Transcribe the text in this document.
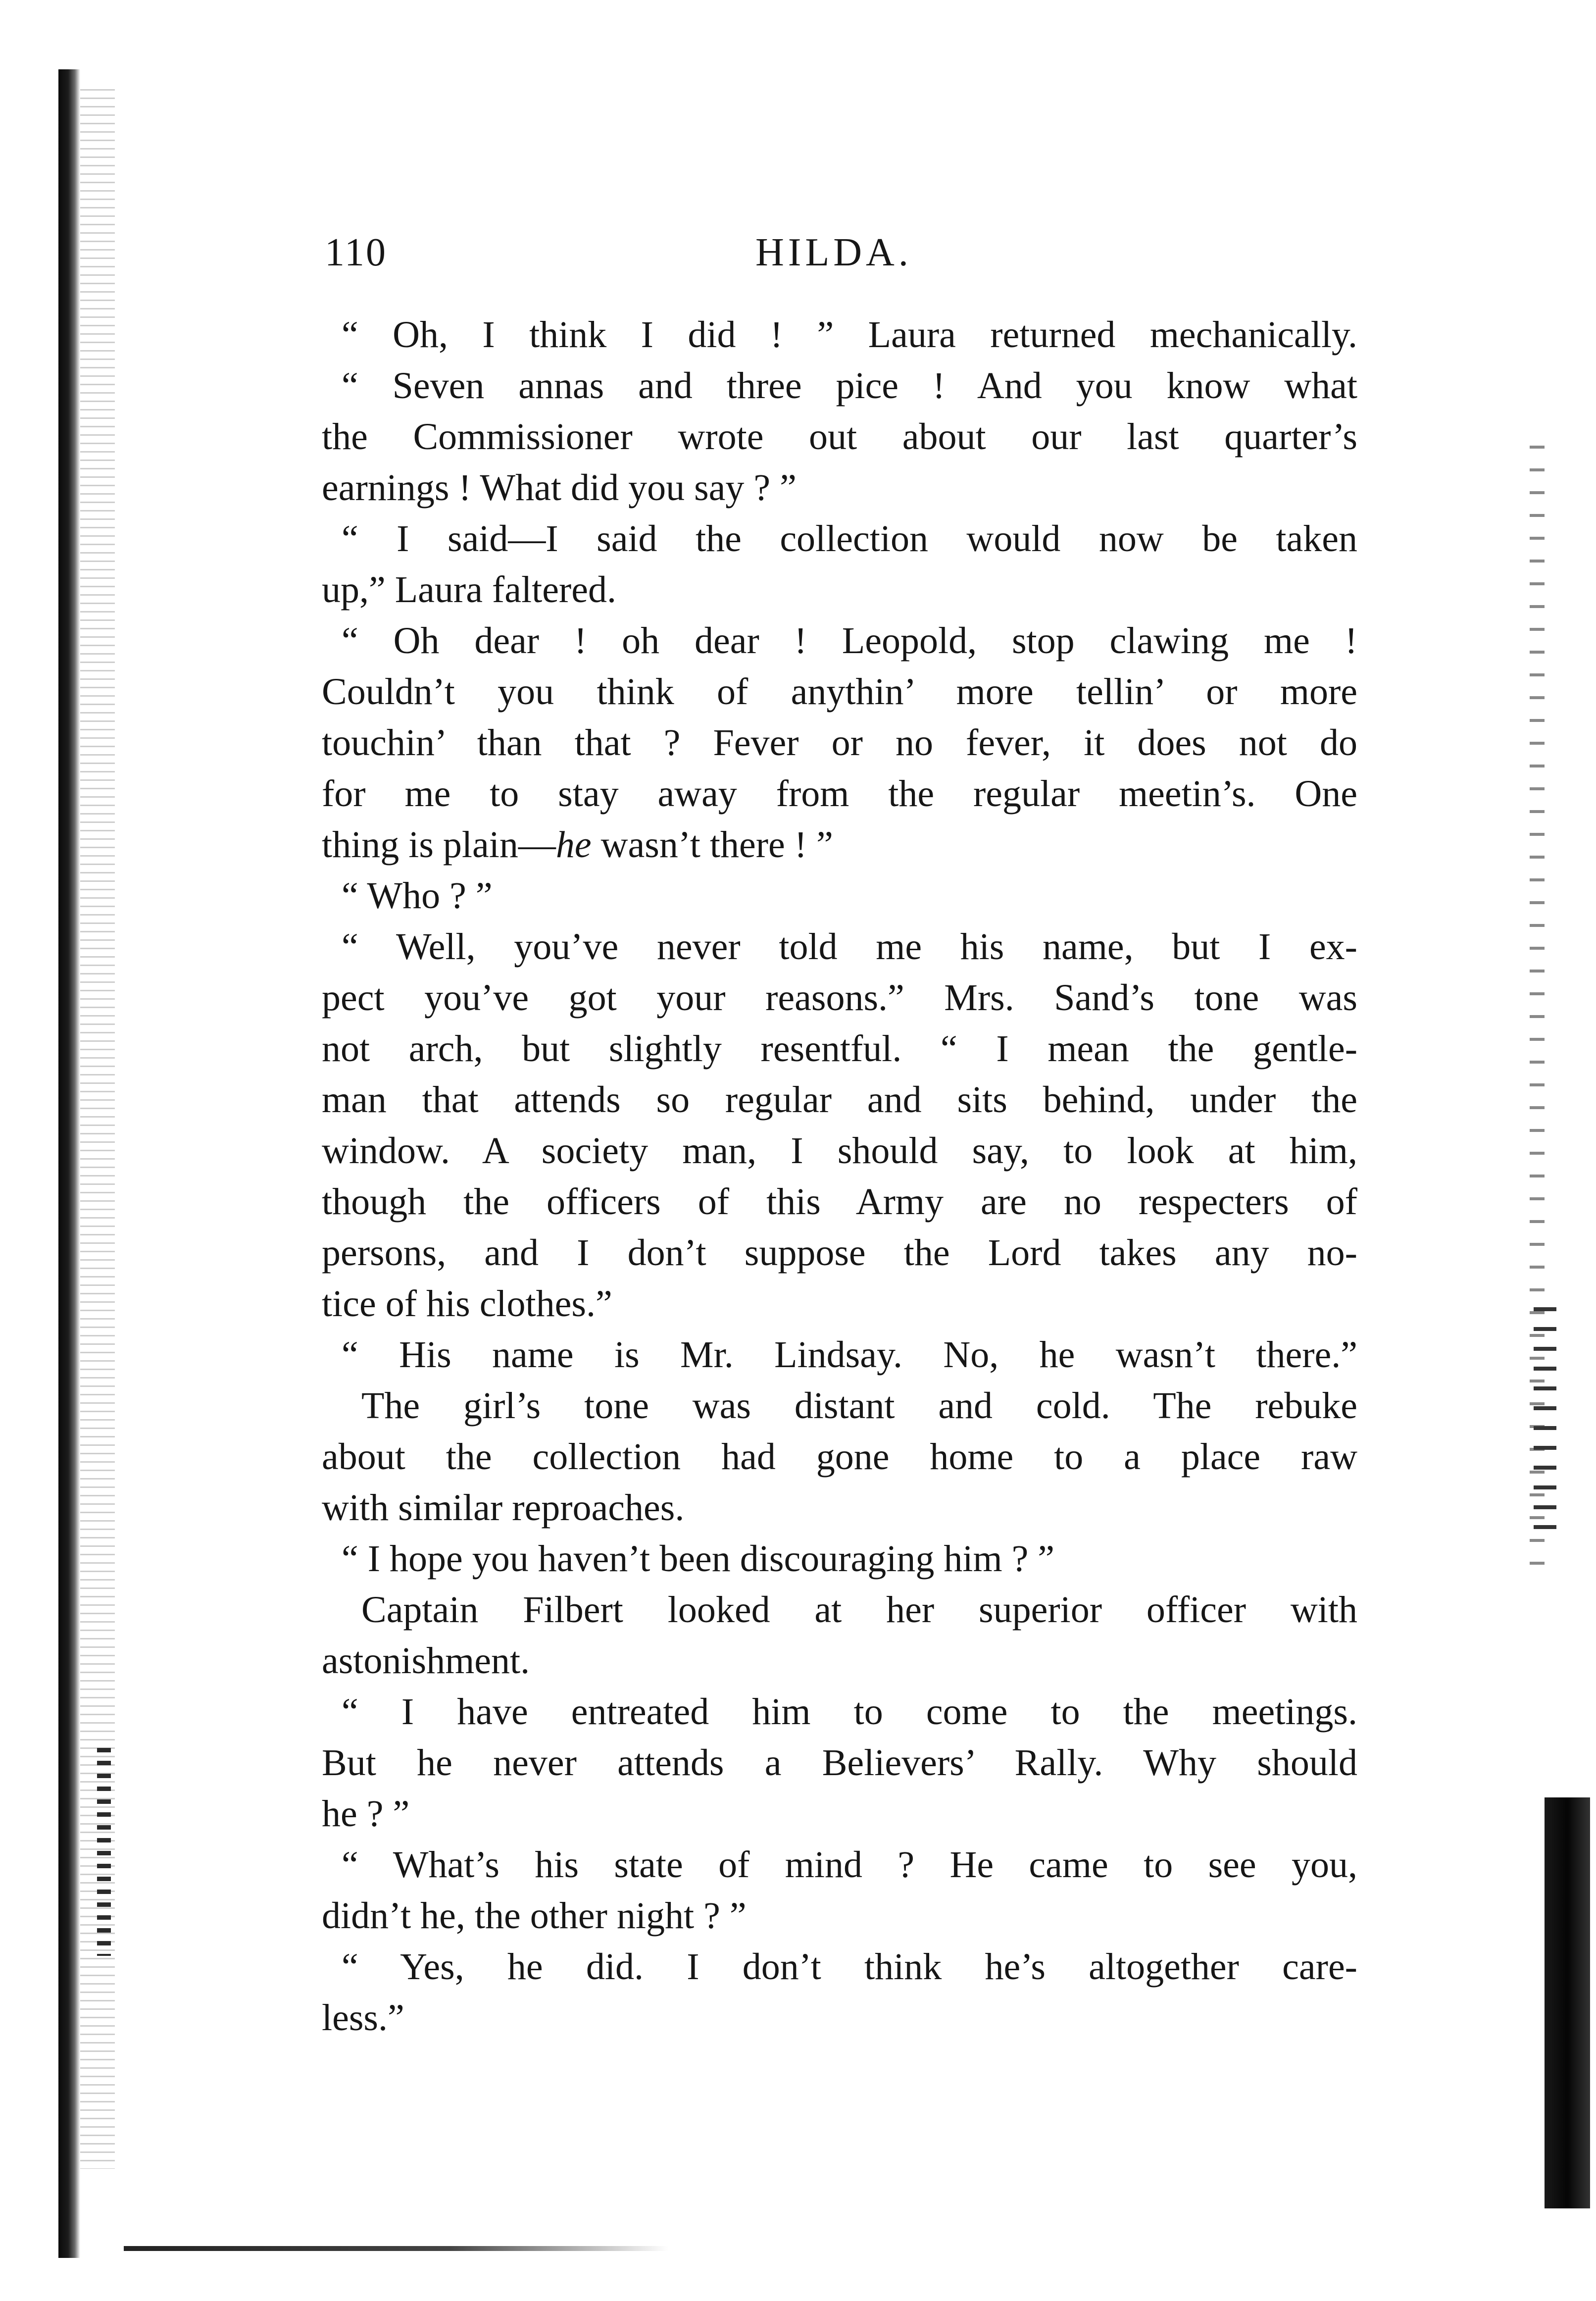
110	HILDA.
“ Oh, I think I did ! ” Laura returned mechanically.
“ Seven annas and three pice ! And you know what
the Commissioner wrote out about our last quarter’s
earnings ! What did you say ? ”
“ I said—I said the collection would now be taken
up,” Laura faltered.
“ Oh dear ! oh dear ! Leopold, stop clawing me !
Couldn’t you think of anythin’ more tellin’ or more
touchin’ than that ? Fever or no fever, it does not do
for me to stay away from the regular meetin’s. One
thing is plain—he wasn’t there ! ”
“ Who ? ”
“ Well, you’ve never told me his name, but I ex-
pect you’ve got your reasons.” Mrs. Sand’s tone was
not arch, but slightly resentful. “ I mean the gentle-
man that attends so regular and sits behind, under the
window. A society man, I should say, to look at him,
though the officers of this Army are no respecters of
persons, and I don’t suppose the Lord takes any no-
tice of his clothes.”
“ His name is Mr. Lindsay. No, he wasn’t there.”
The girl’s tone was distant and cold. The rebuke
about the collection had gone home to a place raw
with similar reproaches.
“ I hope you haven’t been discouraging him ? ”
Captain Filbert looked at her superior officer with
astonishment.
“ I have entreated him to come to the meetings.
But he never attends a Believers’ Rally. Why should
he ? ”
“ What’s his state of mind ? He came to see you,
didn’t he, the other night ? ”
“ Yes, he did. I don’t think he’s altogether care-
less.”
